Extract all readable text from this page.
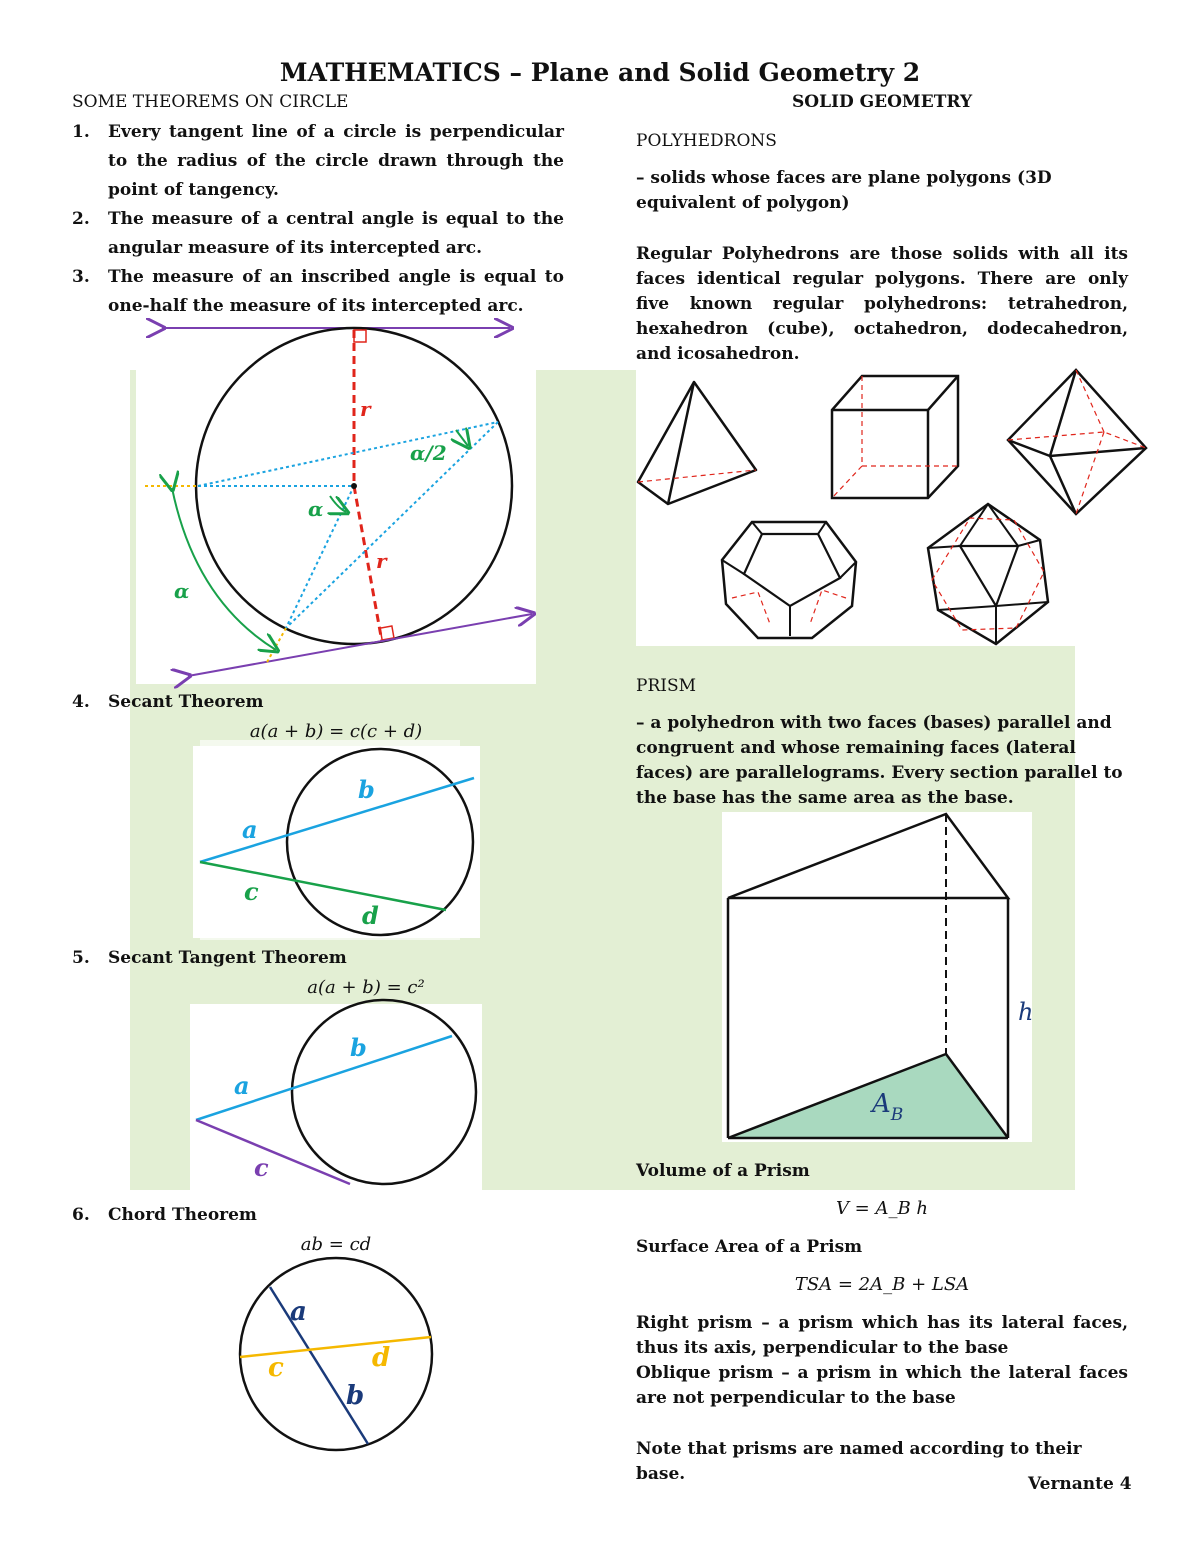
MATHEMATICS – Plane and Solid Geometry 2
SOME THEOREMS ON CIRCLE	SOLID GEOMETRY
1.	Every tangent line of a circle is perpendicular to the radius of the circle drawn through the point of tangency.
2.	The measure of a central angle is equal to the angular measure of its intercepted arc.
3.	The measure of an inscribed angle is equal to one-half the measure of its intercepted arc.
r
r
α/2
α
α
4. Secant Theorem
a(a + b) = c(c + d)
a
b
c
d
5. Secant Tangent Theorem
a(a + b) = c²
a
b
c
6. Chord Theorem
ab = cd
a
b
c	d
POLYHEDRONS
– solids whose faces are plane polygons (3D equivalent of polygon)
Regular Polyhedrons are those solids with all its faces identical regular polygons. There are only five known regular polyhedrons: tetrahedron, hexahedron (cube), octahedron, dodecahedron, and icosahedron.
PRISM
– a polyhedron with two faces (bases) parallel and congruent and whose remaining faces (lateral faces) are parallelograms. Every section parallel to the base has the same area as the base.
h
$A_B$
Volume of a Prism
V = A_B h
Surface Area of a Prism
TSA = 2A_B + LSA
Right prism – a prism which has its lateral faces, thus its axis, perpendicular to the base
Oblique prism – a prism in which the lateral faces are not perpendicular to the base
Note that prisms are named according to their base.	Vernante 4
